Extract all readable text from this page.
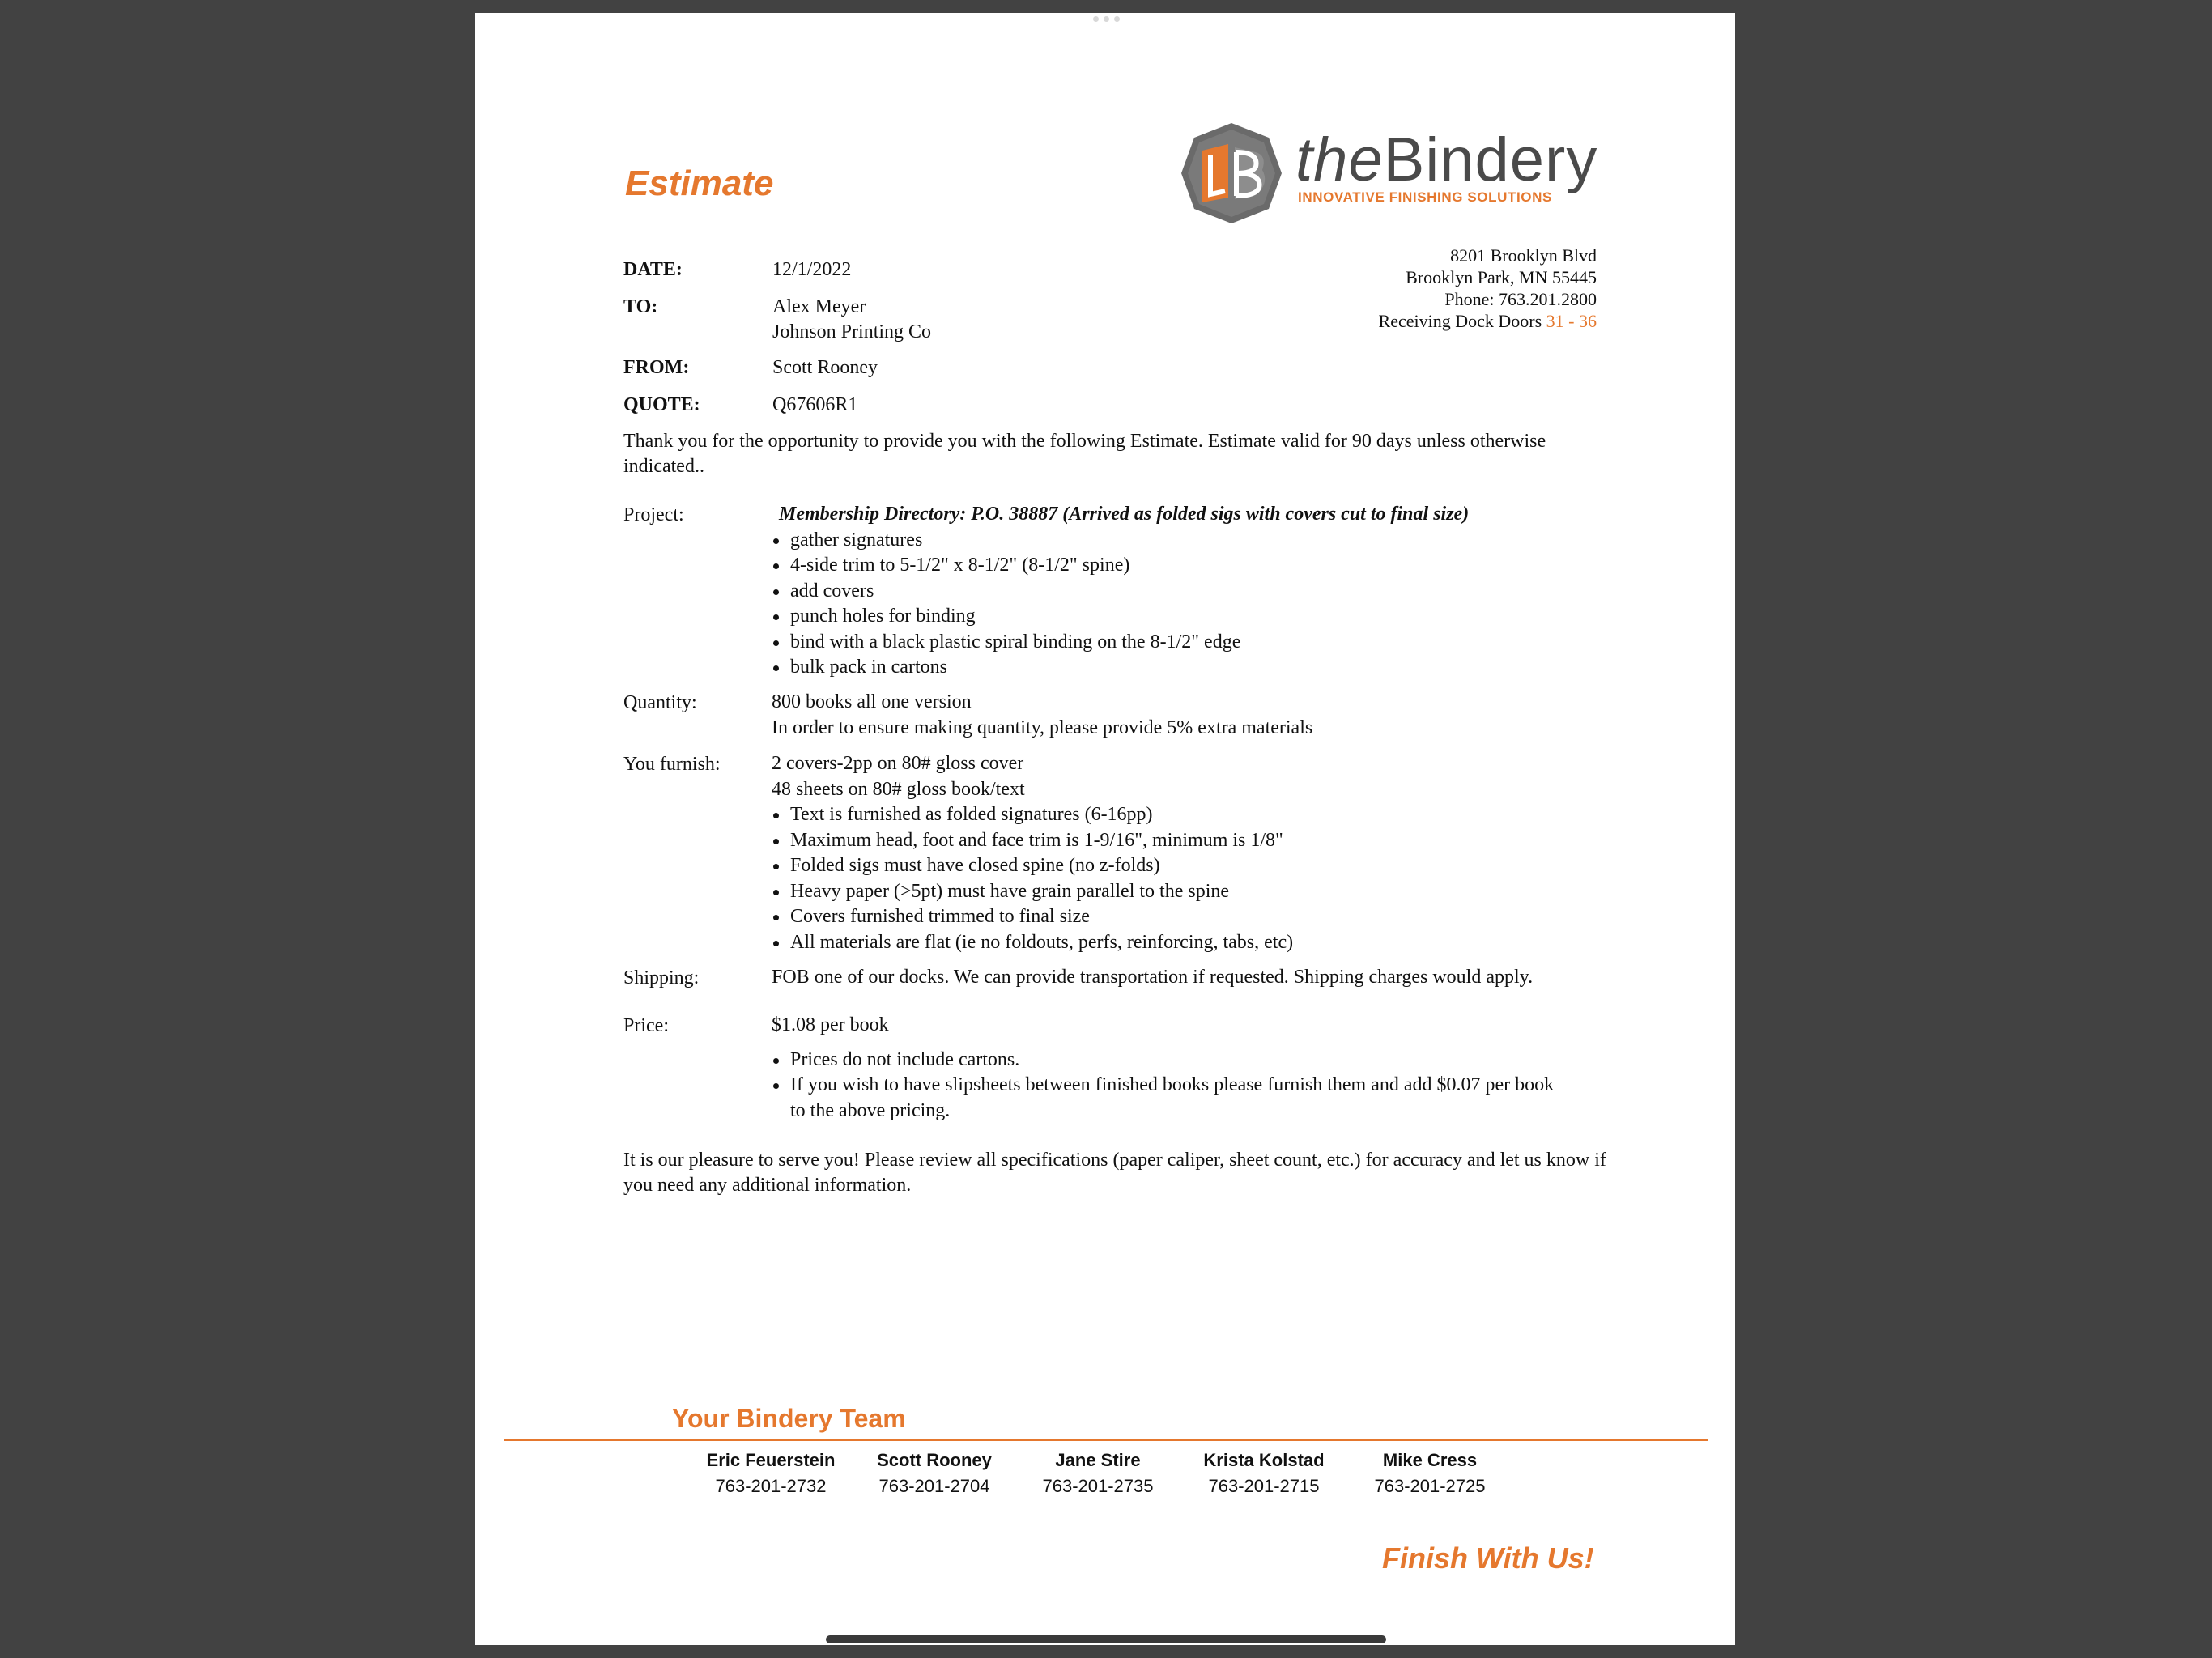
Estimate	theBindery
INNOVATIVE FINISHING SOLUTIONS
8201 Brooklyn Blvd
Brooklyn Park, MN 55445
Phone: 763.201.2800
Receiving Dock Doors 31 - 36
DATE:	12/1/2022
TO:	Alex Meyer
Johnson Printing Co
FROM:	Scott Rooney
QUOTE:	Q67606R1
Thank you for the opportunity to provide you with the following Estimate. Estimate valid for 90 days unless otherwise indicated..
Project:	Membership Directory: P.O. 38887 (Arrived as folded sigs with covers cut to final size)
gather signatures
4-side trim to 5-1/2" x 8-1/2" (8-1/2" spine)
add covers
punch holes for binding
bind with a black plastic spiral binding on the 8-1/2" edge
bulk pack in cartons
Quantity:	800 books all one version
In order to ensure making quantity, please provide 5% extra materials
You furnish:	2 covers-2pp on 80# gloss cover
48 sheets on 80# gloss book/text
Text is furnished as folded signatures (6-16pp)
Maximum head, foot and face trim is 1-9/16", minimum is 1/8"
Folded sigs must have closed spine (no z-folds)
Heavy paper (>5pt) must have grain parallel to the spine
Covers furnished trimmed to final size
All materials are flat (ie no foldouts, perfs, reinforcing, tabs, etc)
Shipping:	FOB one of our docks. We can provide transportation if requested. Shipping charges would apply.
Price:	$1.08 per book
Prices do not include cartons.
If you wish to have slipsheets between finished books please furnish them and add $0.07 per book to the above pricing.
It is our pleasure to serve you! Please review all specifications (paper caliper, sheet count, etc.) for accuracy and let us know if you need any additional information.
Your Bindery Team
Eric Feuerstein
763-201-2732
Scott Rooney
763-201-2704
Jane Stire
763-201-2735
Krista Kolstad
763-201-2715
Mike Cress
763-201-2725
Finish With Us!
